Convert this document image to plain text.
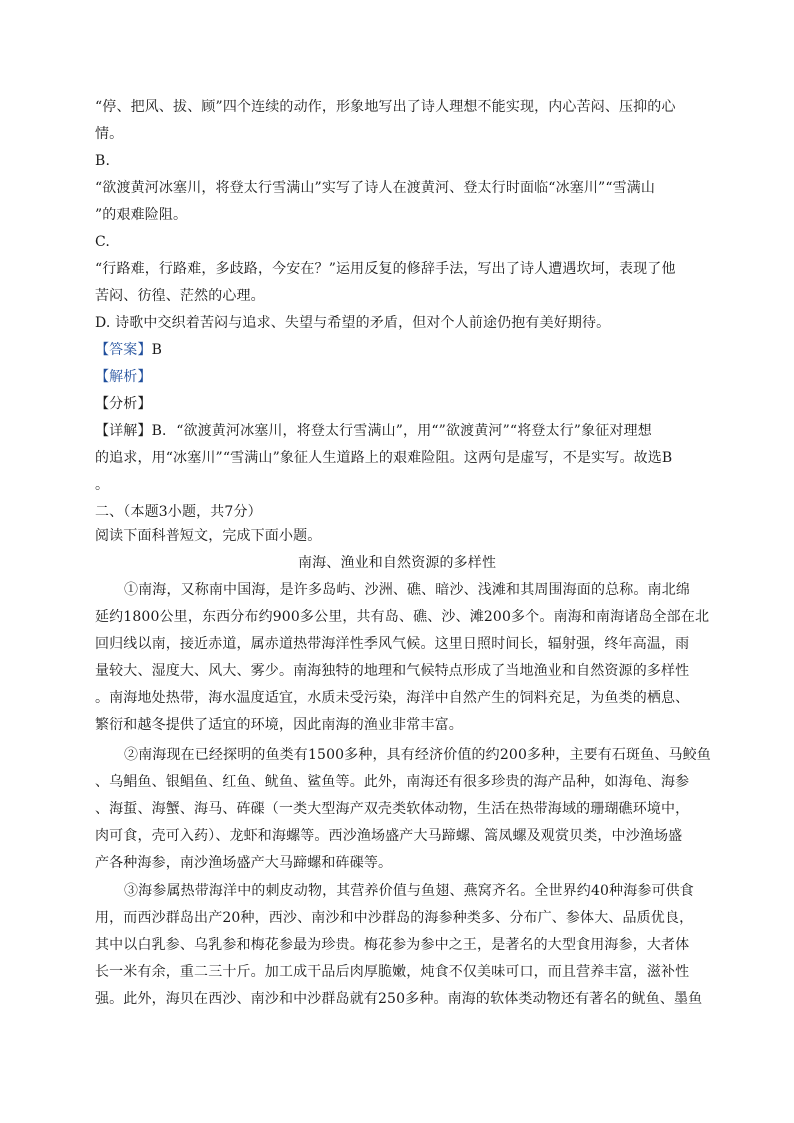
“停、把风、拔、顾”四个连续的动作，形象地写出了诗人理想不能实现，内心苦闷、压抑的心

情。

B.

“欲渡黄河冰塞川，将登太行雪满山”实写了诗人在渡黄河、登太行时面临“冰塞川”“雪满山

”的艰难险阻。

C.

“行路难，行路难，多歧路，今安在？”运用反复的修辞手法，写出了诗人遭遇坎坷，表现了他

苦闷、彷徨、茫然的心理。

D. 诗歌中交织着苦闷与追求、失望与希望的矛盾，但对个人前途仍抱有美好期待。

【答案】B

【解析】

【分析】

【详解】B．“欲渡黄河冰塞川，将登太行雪满山”，用“”欲渡黄河”“将登太行”象征对理想

的追求，用“冰塞川”“雪满山”象征人生道路上的艰难险阻。这两句是虚写，不是实写。故选B

。

二、（本题3小题，共7分）

阅读下面科普短文，完成下面小题。

南海、渔业和自然资源的多样性

①南海，又称南中国海，是许多岛屿、沙洲、礁、暗沙、浅滩和其周围海面的总称。南北绵

延约1800公里，东西分布约900多公里，共有岛、礁、沙、滩200多个。南海和南海诸岛全部在北

回归线以南，接近赤道，属赤道热带海洋性季风气候。这里日照时间长，辐射强，终年高温，雨

量较大、湿度大、风大、雾少。南海独特的地理和气候特点形成了当地渔业和自然资源的多样性

。南海地处热带，海水温度适宜，水质未受污染，海洋中自然产生的饲料充足，为鱼类的栖息、

繁衍和越冬提供了适宜的环境，因此南海的渔业非常丰富。

②南海现在已经探明的鱼类有1500多种，具有经济价值的约200多种，主要有石斑鱼、马鲛鱼

、乌鲳鱼、银鲳鱼、红鱼、鱿鱼、鲨鱼等。此外，南海还有很多珍贵的海产品种，如海龟、海参

、海蜇、海蟹、海马、砗磲（一类大型海产双壳类软体动物，生活在热带海域的珊瑚礁环境中，

肉可食，壳可入药）、龙虾和海螺等。西沙渔场盛产大马蹄螺、篙凤螺及观赏贝类，中沙渔场盛

产各种海参，南沙渔场盛产大马蹄螺和砗磲等。

③海参属热带海洋中的刺皮动物，其营养价值与鱼翅、燕窝齐名。全世界约40种海参可供食

用，而西沙群岛出产20种，西沙、南沙和中沙群岛的海参种类多、分布广、参体大、品质优良，

其中以白乳参、乌乳参和梅花参最为珍贵。梅花参为参中之王，是著名的大型食用海参，大者体

长一米有余，重二三十斤。加工成干品后肉厚脆嫩，炖食不仅美味可口，而且营养丰富，滋补性

强。此外，海贝在西沙、南沙和中沙群岛就有250多种。南海的软体类动物还有著名的鱿鱼、墨鱼
